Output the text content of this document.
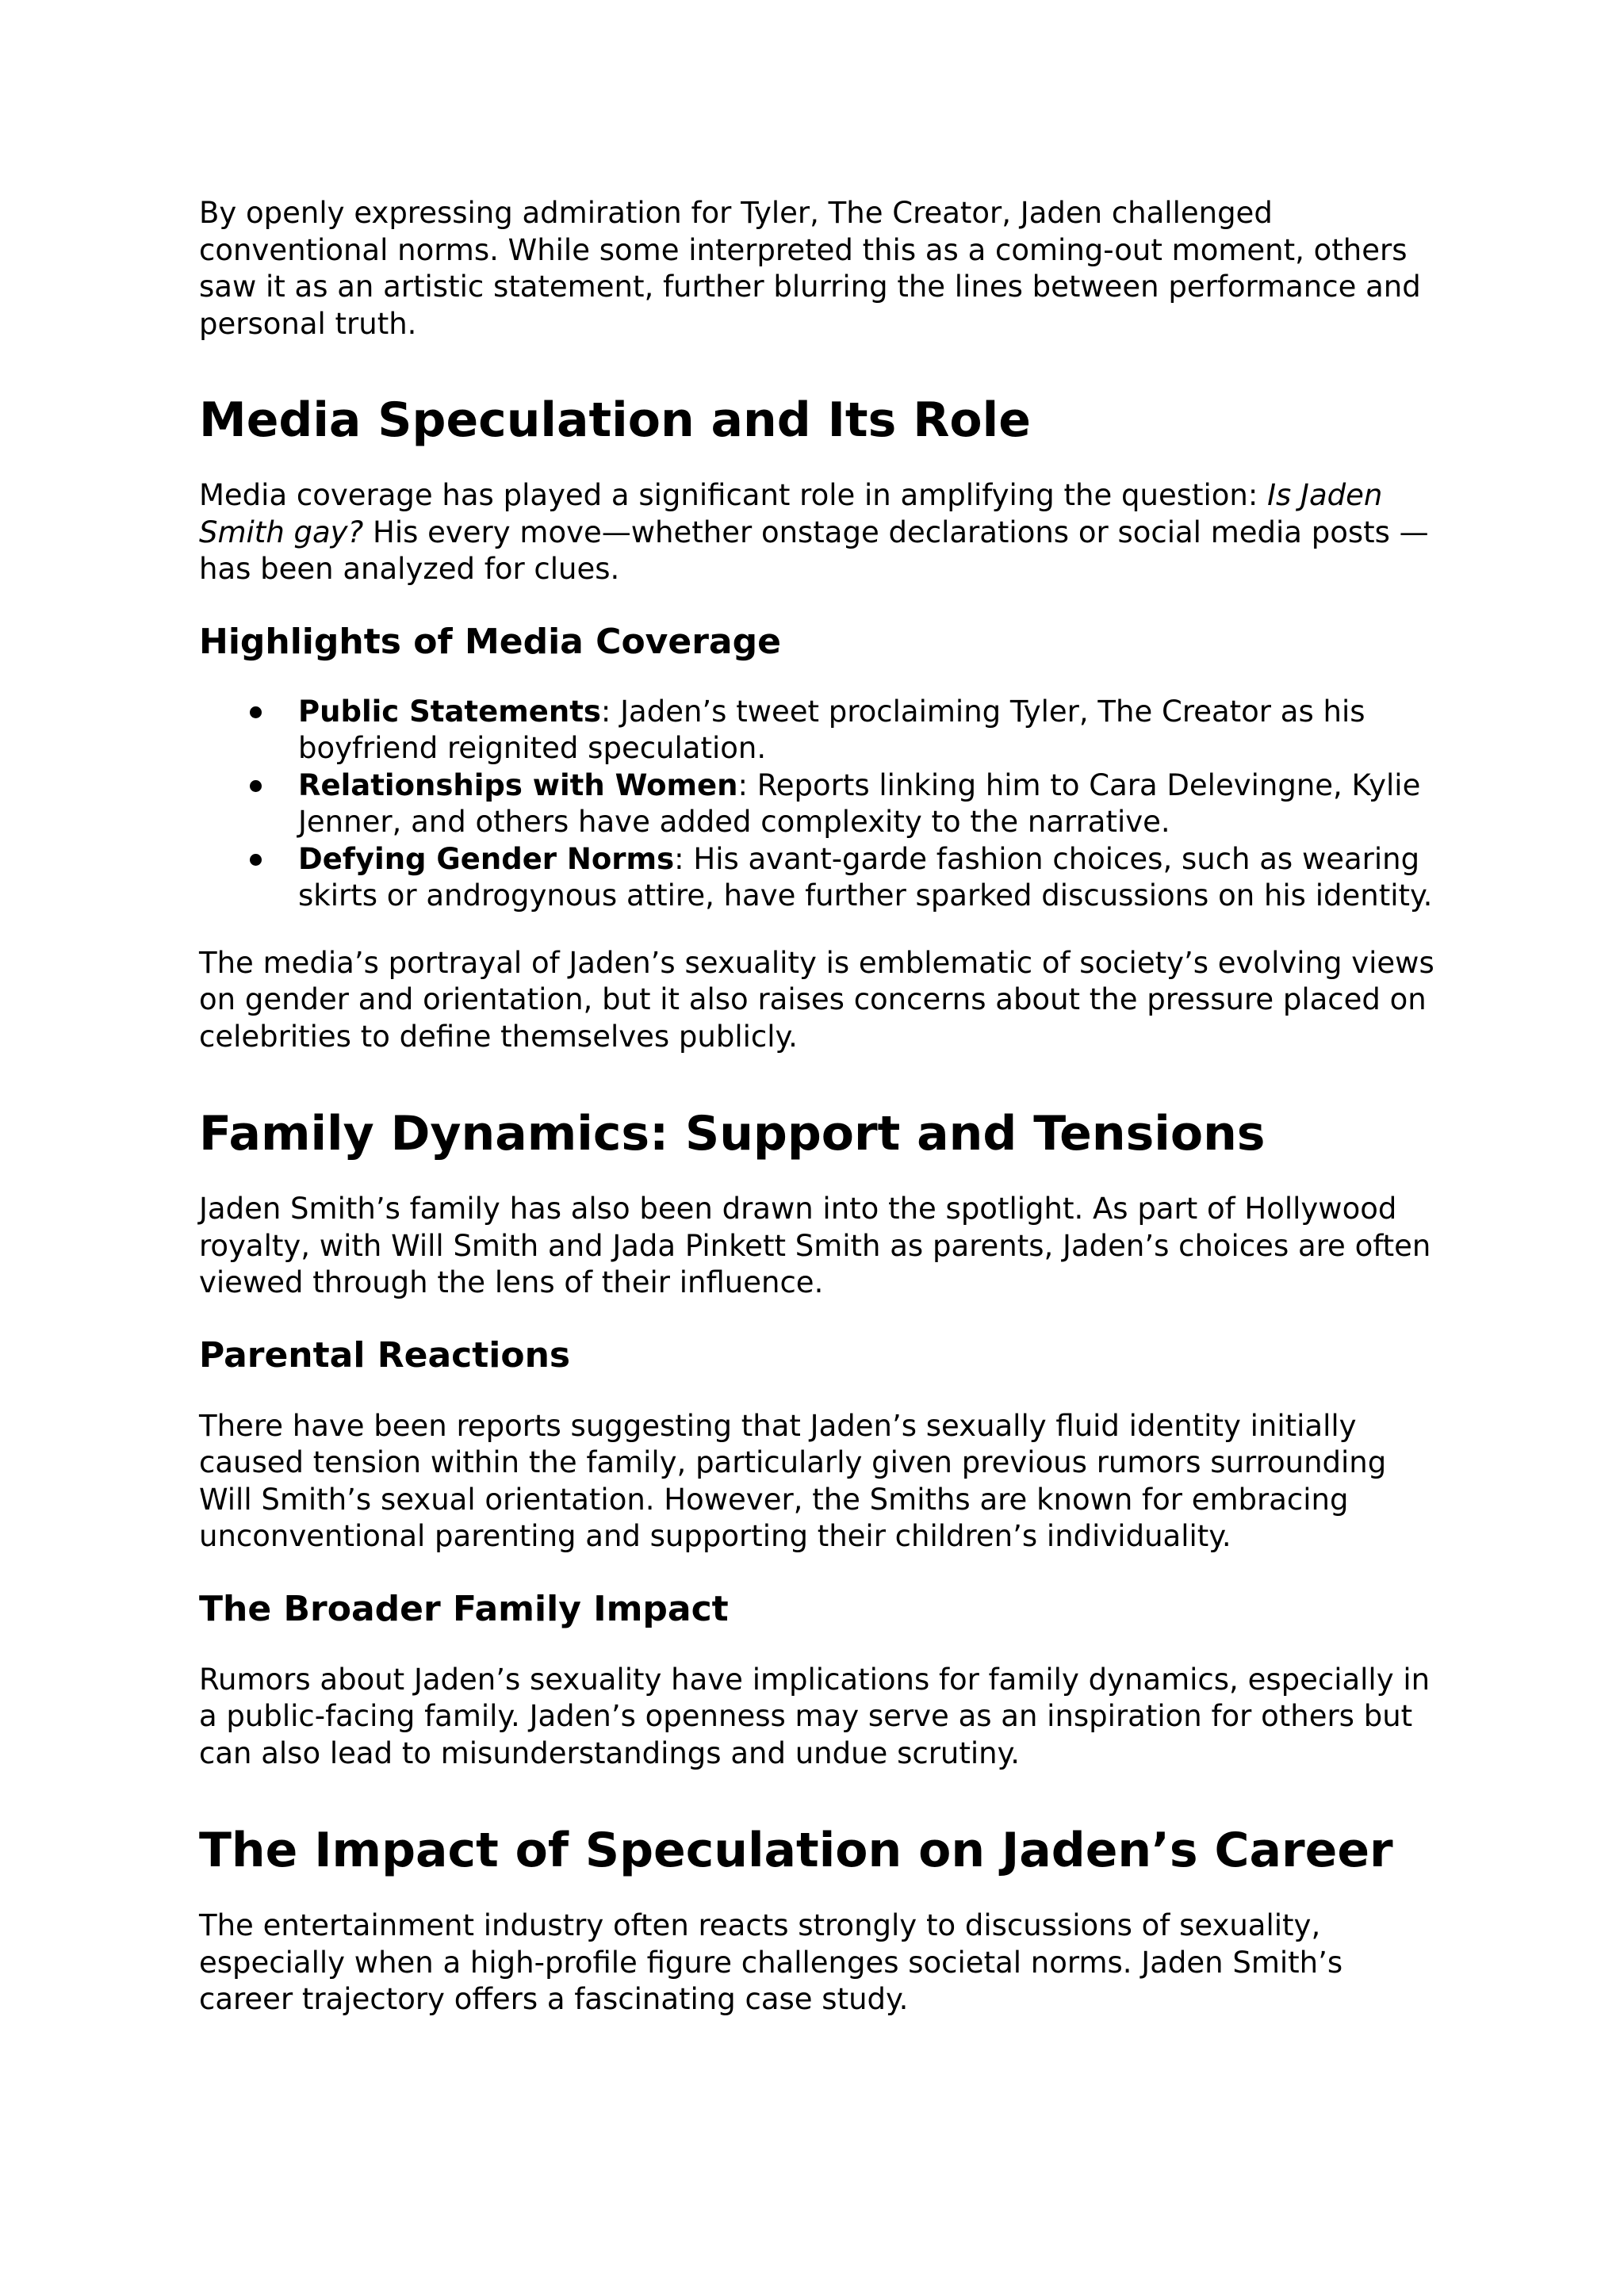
By openly expressing admiration for Tyler, The Creator, Jaden challenged conventional norms. While some interpreted this as a coming-out moment, others saw it as an artistic statement, further blurring the lines between performance and personal truth.

Media Speculation and Its Role

Media coverage has played a significant role in amplifying the question: Is Jaden Smith gay? His every move—whether onstage declarations or social media posts —has been analyzed for clues.

Highlights of Media Coverage
Public Statements: Jaden’s tweet proclaiming Tyler, The Creator as his boyfriend reignited speculation.
Relationships with Women: Reports linking him to Cara Delevingne, Kylie Jenner, and others have added complexity to the narrative.
Defying Gender Norms: His avant-garde fashion choices, such as wearing skirts or androgynous attire, have further sparked discussions on his identity.

The media’s portrayal of Jaden’s sexuality is emblematic of society’s evolving views on gender and orientation, but it also raises concerns about the pressure placed on celebrities to define themselves publicly.

Family Dynamics: Support and Tensions

Jaden Smith’s family has also been drawn into the spotlight. As part of Hollywood royalty, with Will Smith and Jada Pinkett Smith as parents, Jaden’s choices are often viewed through the lens of their influence.

Parental Reactions

There have been reports suggesting that Jaden’s sexually fluid identity initially caused tension within the family, particularly given previous rumors surrounding Will Smith’s sexual orientation. However, the Smiths are known for embracing unconventional parenting and supporting their children’s individuality.

The Broader Family Impact

Rumors about Jaden’s sexuality have implications for family dynamics, especially in a public-facing family. Jaden’s openness may serve as an inspiration for others but can also lead to misunderstandings and undue scrutiny.

The Impact of Speculation on Jaden’s Career

The entertainment industry often reacts strongly to discussions of sexuality, especially when a high-profile figure challenges societal norms. Jaden Smith’s career trajectory offers a fascinating case study.
